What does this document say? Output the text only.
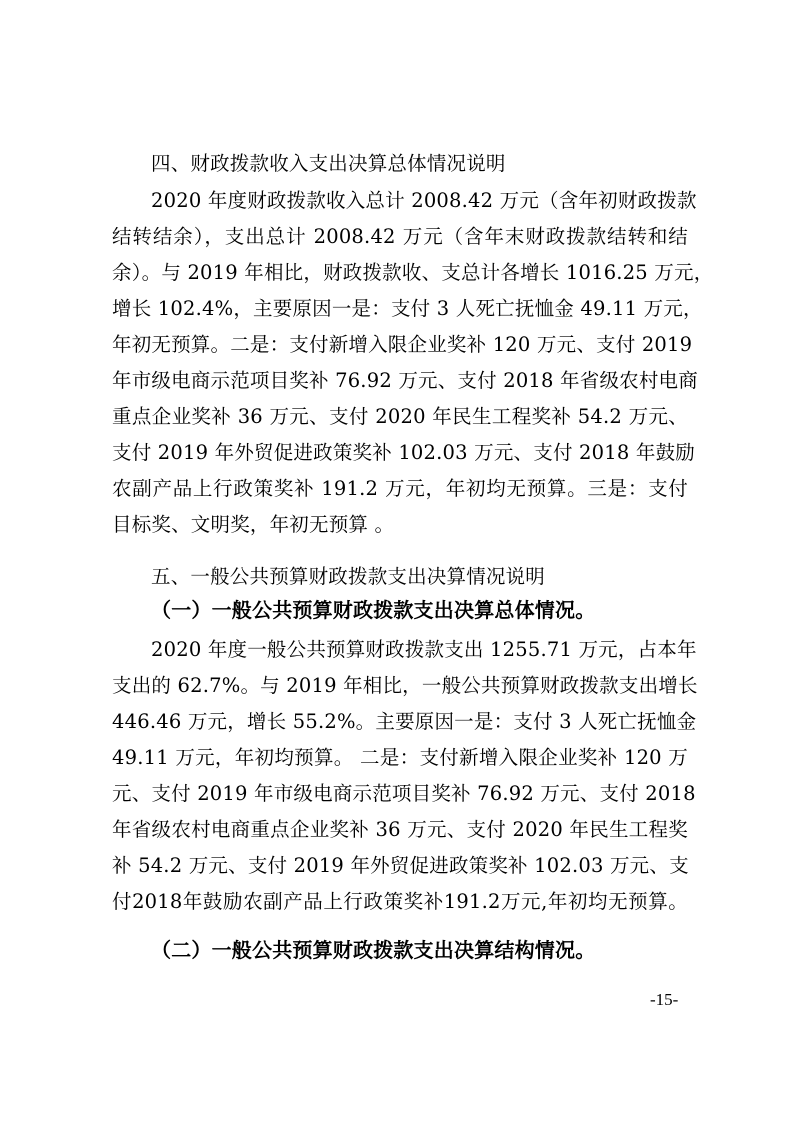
四、财政拨款收入支出决算总体情况说明
2020 年度财政拨款收入总计 2008.42 万元（含年初财政拨款
结转结余），支出总计 2008.42 万元（含年末财政拨款结转和结
余）。与 2019 年相比，财政拨款收、支总计各增长 1016.25 万元，
增长 102.4%，主要原因一是：支付 3 人死亡抚恤金 49.11 万元，
年初无预算。二是：支付新增入限企业奖补 120 万元、支付 2019
年市级电商示范项目奖补 76.92 万元、支付 2018 年省级农村电商
重点企业奖补 36 万元、支付 2020 年民生工程奖补 54.2 万元、
支付 2019 年外贸促进政策奖补 102.03 万元、支付 2018 年鼓励
农副产品上行政策奖补 191.2 万元，年初均无预算。三是：支付
目标奖、文明奖，年初无预算 。
五、一般公共预算财政拨款支出决算情况说明
（一）一般公共预算财政拨款支出决算总体情况。
2020 年度一般公共预算财政拨款支出 1255.71 万元，占本年
支出的 62.7%。与 2019 年相比，一般公共预算财政拨款支出增长
446.46 万元，增长 55.2%。主要原因一是：支付 3 人死亡抚恤金
49.11 万元，年初均预算。 二是：支付新增入限企业奖补 120 万
元、支付 2019 年市级电商示范项目奖补 76.92 万元、支付 2018
年省级农村电商重点企业奖补 36 万元、支付 2020 年民生工程奖
补 54.2 万元、支付 2019 年外贸促进政策奖补 102.03 万元、支
付2018年鼓励农副产品上行政策奖补191.2万元,年初均无预算。
（二）一般公共预算财政拨款支出决算结构情况。
-15-
